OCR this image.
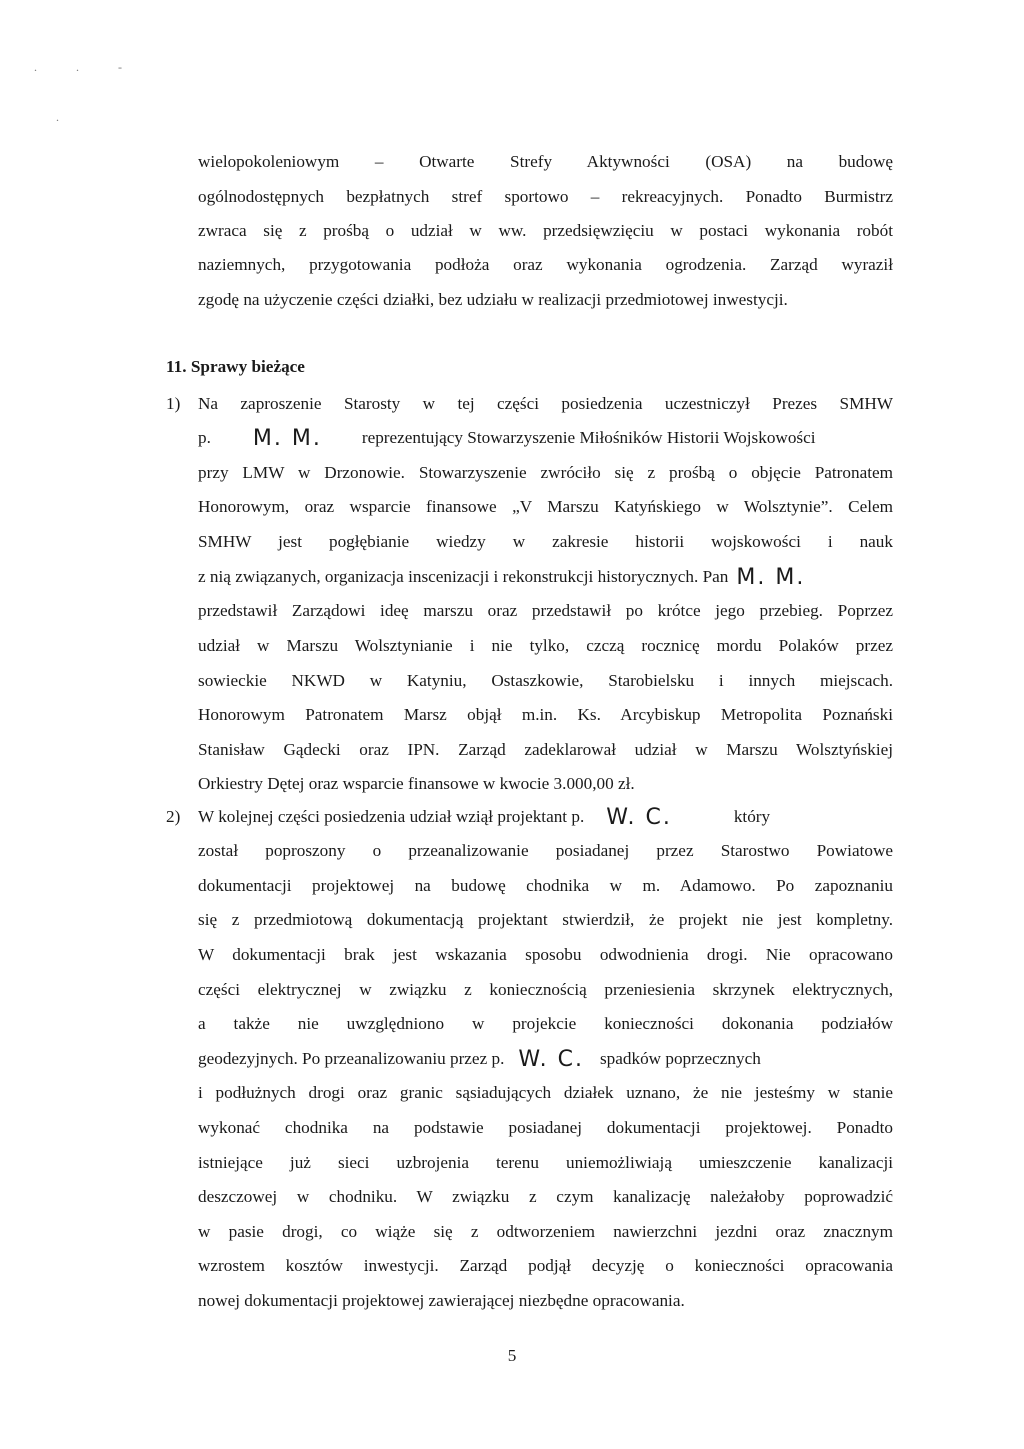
. . -
.
wielopokoleniowym – Otwarte Strefy Aktywności (OSA) na budowę
ogólnodostępnych bezpłatnych stref sportowo – rekreacyjnych. Ponadto Burmistrz
zwraca się z prośbą o udział w ww. przedsięwzięciu w postaci wykonania robót
naziemnych, przygotowania podłoża oraz wykonania ogrodzenia. Zarząd wyraził
zgodę na użyczenie części działki, bez udziału w realizacji przedmiotowej inwestycji.
11. Sprawy bieżące
1) Na zaproszenie Starosty w tej części posiedzenia uczestniczył Prezes SMHW
p. M. M. reprezentujący Stowarzyszenie Miłośników Historii Wojskowości
przy LMW w Drzonowie. Stowarzyszenie zwróciło się z prośbą o objęcie Patronatem
Honorowym, oraz wsparcie finansowe „V Marszu Katyńskiego w Wolsztynie”. Celem
SMHW jest pogłębianie wiedzy w zakresie historii wojskowości i nauk
z nią związanych, organizacja inscenizacji i rekonstrukcji historycznych. Pan M. M.
przedstawił Zarządowi ideę marszu oraz przedstawił po krótce jego przebieg. Poprzez
udział w Marszu Wolsztynianie i nie tylko, czczą rocznicę mordu Polaków przez
sowieckie NKWD w Katyniu, Ostaszkowie, Starobielsku i innych miejscach.
Honorowym Patronatem Marsz objął m.in. Ks. Arcybiskup Metropolita Poznański
Stanisław Gądecki oraz IPN. Zarząd zadeklarował udział w Marszu Wolsztyńskiej
Orkiestry Dętej oraz wsparcie finansowe w kwocie 3.000,00 zł.
2) W kolejnej części posiedzenia udział wziął projektant p. W. C.	który
został poproszony o przeanalizowanie posiadanej przez Starostwo Powiatowe
dokumentacji projektowej na budowę chodnika w m. Adamowo. Po zapoznaniu
się z przedmiotową dokumentacją projektant stwierdził, że projekt nie jest kompletny.
W dokumentacji brak jest wskazania sposobu odwodnienia drogi. Nie opracowano
części elektrycznej w związku z koniecznością przeniesienia skrzynek elektrycznych,
a także nie uwzględniono w projekcie konieczności dokonania podziałów
geodezyjnych. Po przeanalizowaniu przez p. W. C. spadków poprzecznych
i podłużnych drogi oraz granic sąsiadujących działek uznano, że nie jesteśmy w stanie
wykonać chodnika na podstawie posiadanej dokumentacji projektowej. Ponadto
istniejące już sieci uzbrojenia terenu uniemożliwiają umieszczenie kanalizacji
deszczowej w chodniku. W związku z czym kanalizację należałoby poprowadzić
w pasie drogi, co wiąże się z odtworzeniem nawierzchni jezdni oraz znacznym
wzrostem kosztów inwestycji. Zarząd podjął decyzję o konieczności opracowania
nowej dokumentacji projektowej zawierającej niezbędne opracowania.
5
